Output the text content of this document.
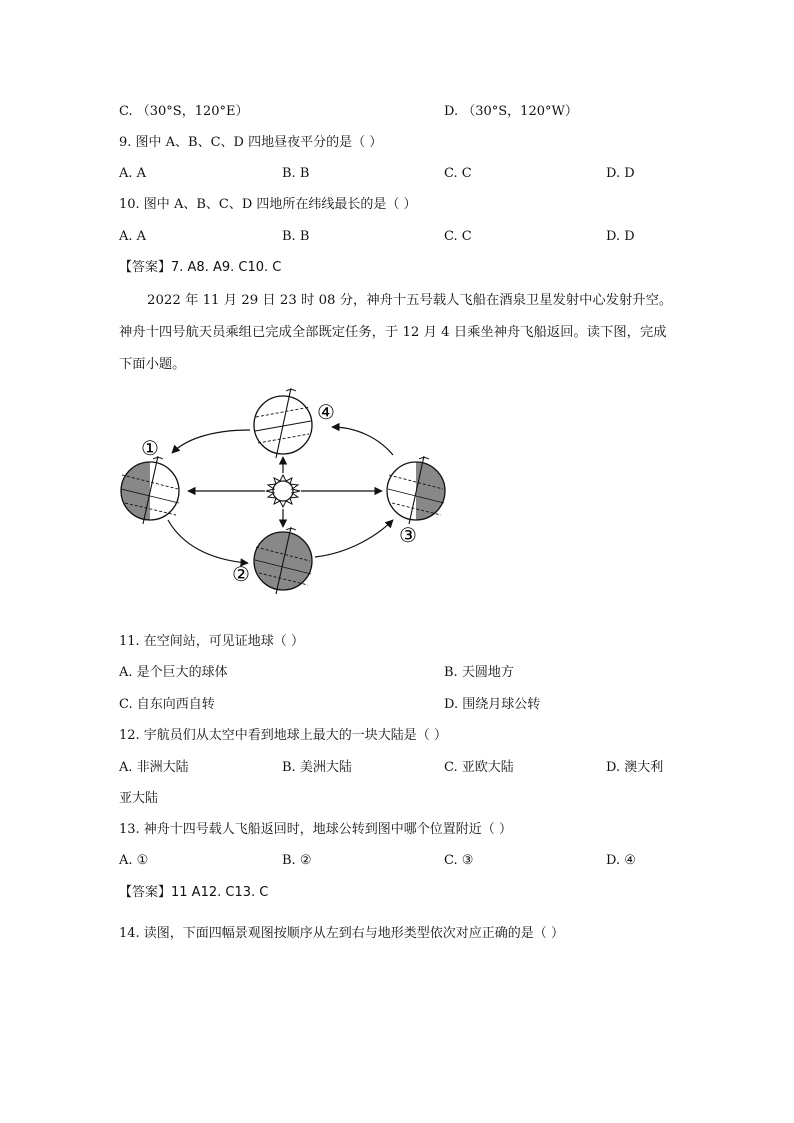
C. （30°S，120°E）	D. （30°S，120°W）
9. 图中 A、B、C、D 四地昼夜平分的是（ ）
A. A	B. B	C. C	D. D
10. 图中 A、B、C、D 四地所在纬线最长的是（ ）
A. A	B. B	C. C	D. D
【答案】7. A8. A9. C10. C
2022 年 11 月 29 日 23 时 08 分，神舟十五号载人飞船在酒泉卫星发射中心发射升空。神舟十四号航天员乘组已完成全部既定任务，于 12 月 4 日乘坐神舟飞船返回。读下图，完成下面小题。
①
②
③
④
11. 在空间站，可见证地球（ ）
A. 是个巨大的球体	B. 天圆地方
C. 自东向西自转	D. 围绕月球公转
12. 宇航员们从太空中看到地球上最大的一块大陆是（ ）
A. 非洲大陆	B. 美洲大陆	C. 亚欧大陆	D. 澳大利
亚大陆
13. 神舟十四号载人飞船返回时，地球公转到图中哪个位置附近（ ）
A. ①	B. ②	C. ③	D. ④
【答案】11 A12. C13. C
14. 读图，下面四幅景观图按顺序从左到右与地形类型依次对应正确的是（ ）
